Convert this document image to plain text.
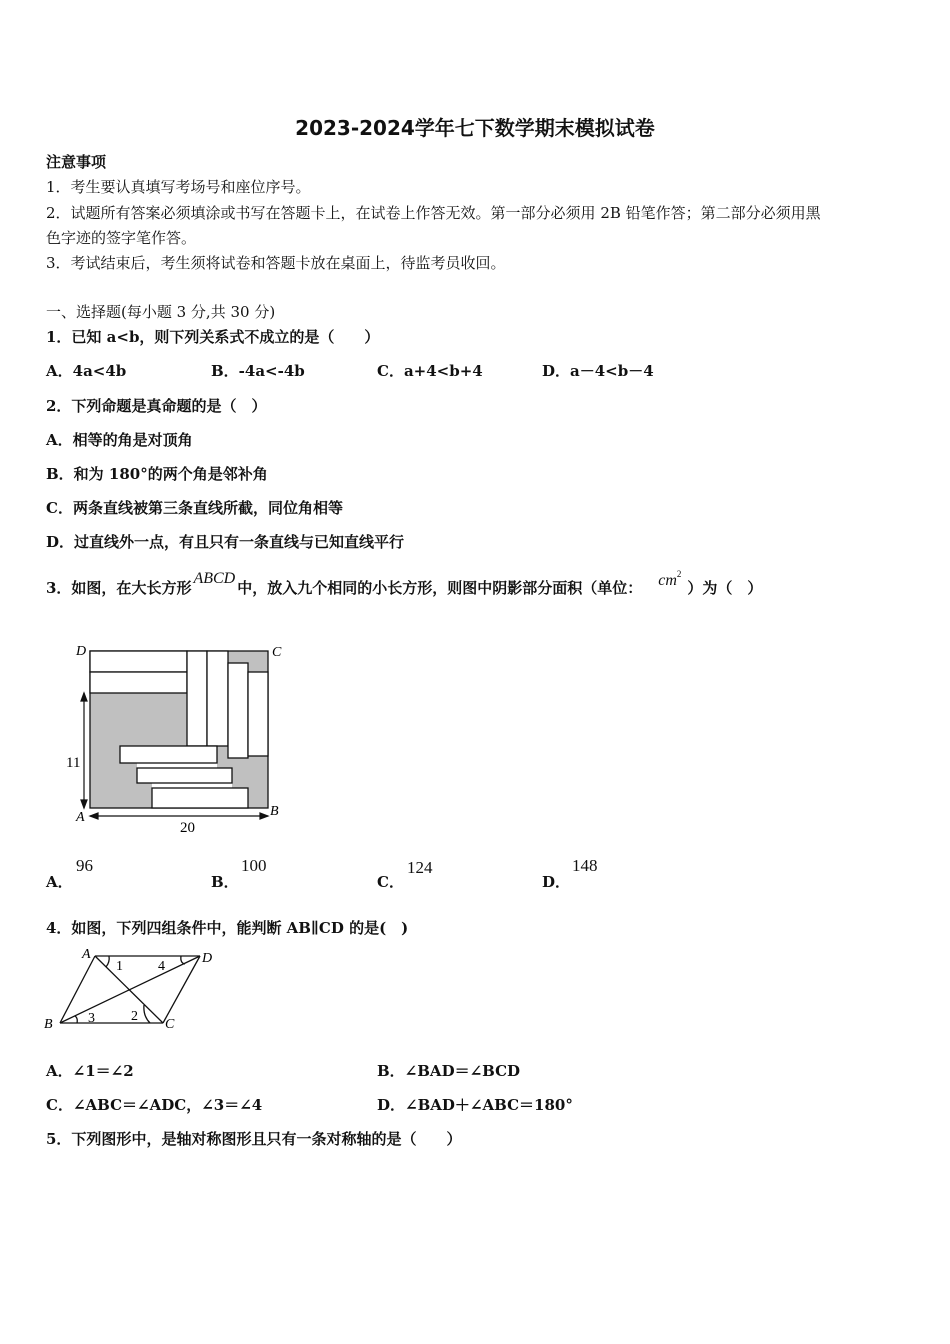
2023-2024学年七下数学期末模拟试卷
注意事项
1．考生要认真填写考场号和座位序号。
2．试题所有答案必须填涂或书写在答题卡上，在试卷上作答无效。第一部分必须用 2B 铅笔作答；第二部分必须用黑
色字迹的签字笔作答。
3．考试结束后，考生须将试卷和答题卡放在桌面上，待监考员收回。
一、选择题(每小题 3 分,共 30 分)
1．已知 a<b，则下列关系式不成立的是（　　）
A．4a<4b	B．-4a<-4b	C．a+4<b+4	D．a－4<b－4
2．下列命题是真命题的是（　）
A．相等的角是对顶角
B．和为 180°的两个角是邻补角
C．两条直线被第三条直线所截，同位角相等
D．过直线外一点，有且只有一条直线与已知直线平行
3．如图，在大长方形ABCD中，放入九个相同的小长方形，则图中阴影部分面积（单位： $cm^2$）为（　）
D	C
A	B
11
20
A．
96
B．
100
C．
124
D．
148
4．如图，下列四组条件中，能判断 AB∥CD 的是(　)
A	D
B	C
1	4
3	2
A．∠1＝∠2	B．∠BAD＝∠BCD
C．∠ABC＝∠ADC，∠3＝∠4	D．∠BAD＋∠ABC＝180°
5．下列图形中，是轴对称图形且只有一条对称轴的是（　　）
